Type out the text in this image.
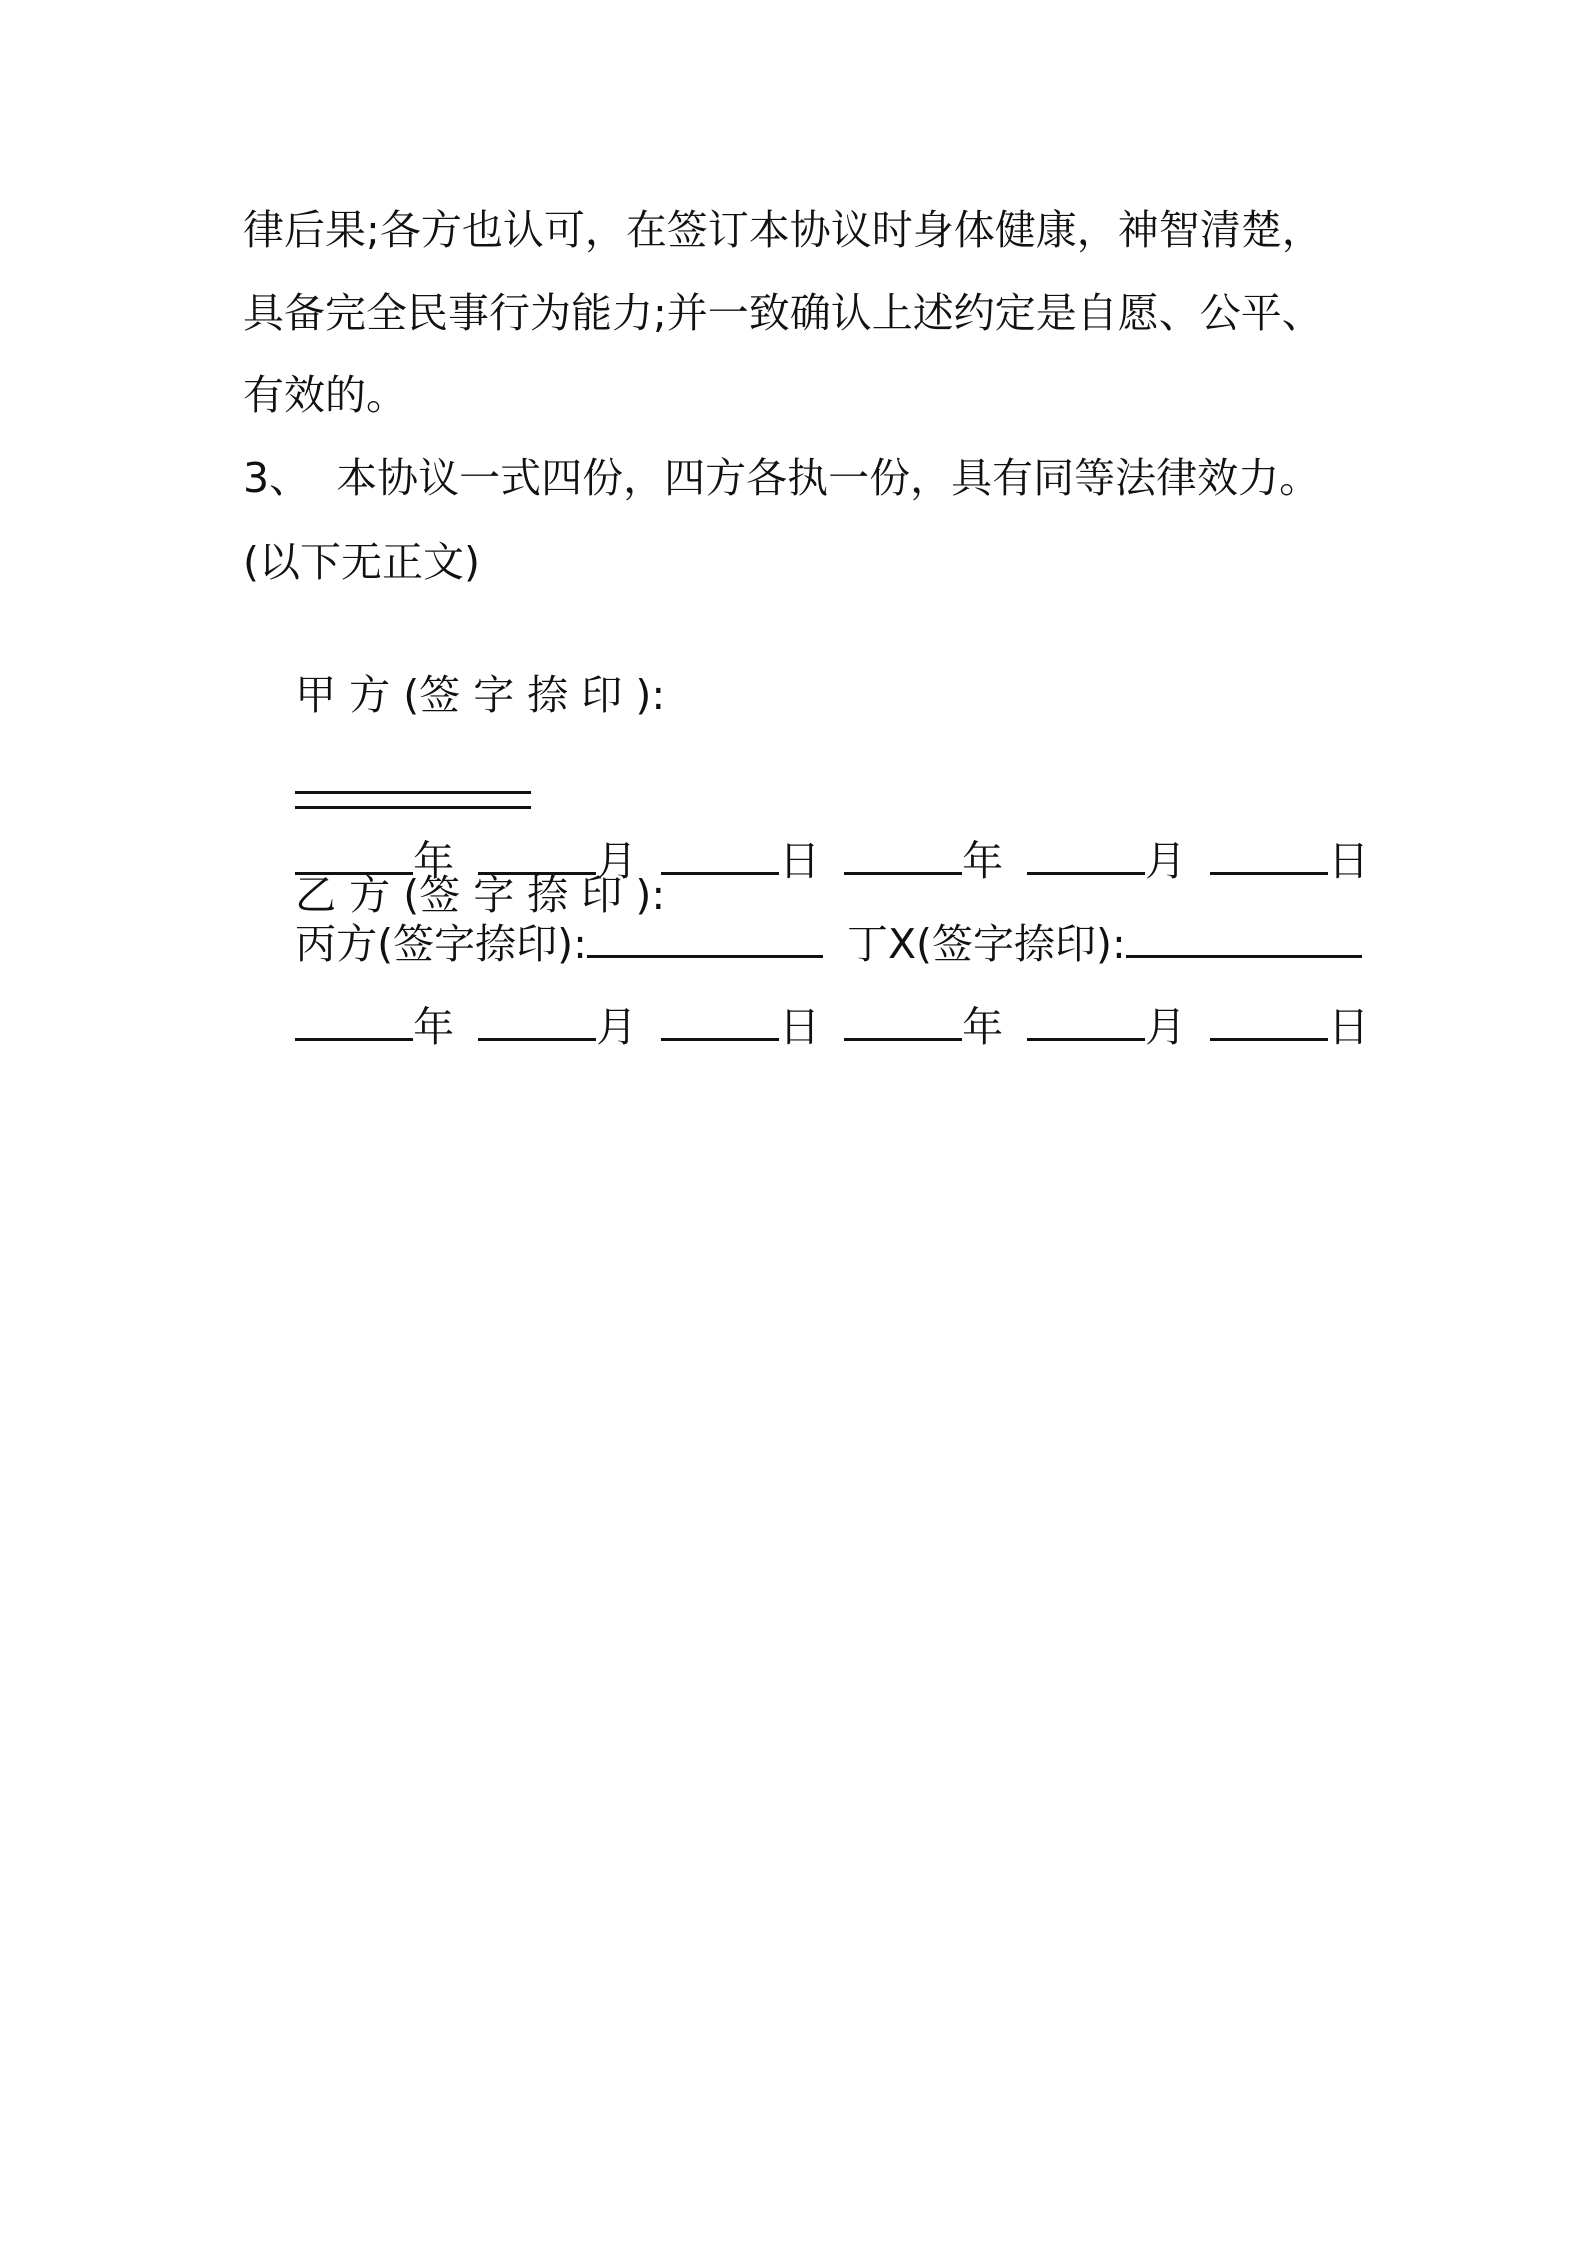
律后果;各方也认可，在签订本协议时身体健康，神智清楚，
具备完全民事行为能力;并一致确认上述约定是自愿、公平、
有效的。
3、  本协议一式四份，四方各执一份，具有同等法律效力。
(以下无正文)

甲 方 (签 字 捺 印 ):

乙 方 (签 字 捺 印 ):

年	月	日	年	月	日

丙方(签字捺印):	丁X(签字捺印):

年	月	日	年	月	日
